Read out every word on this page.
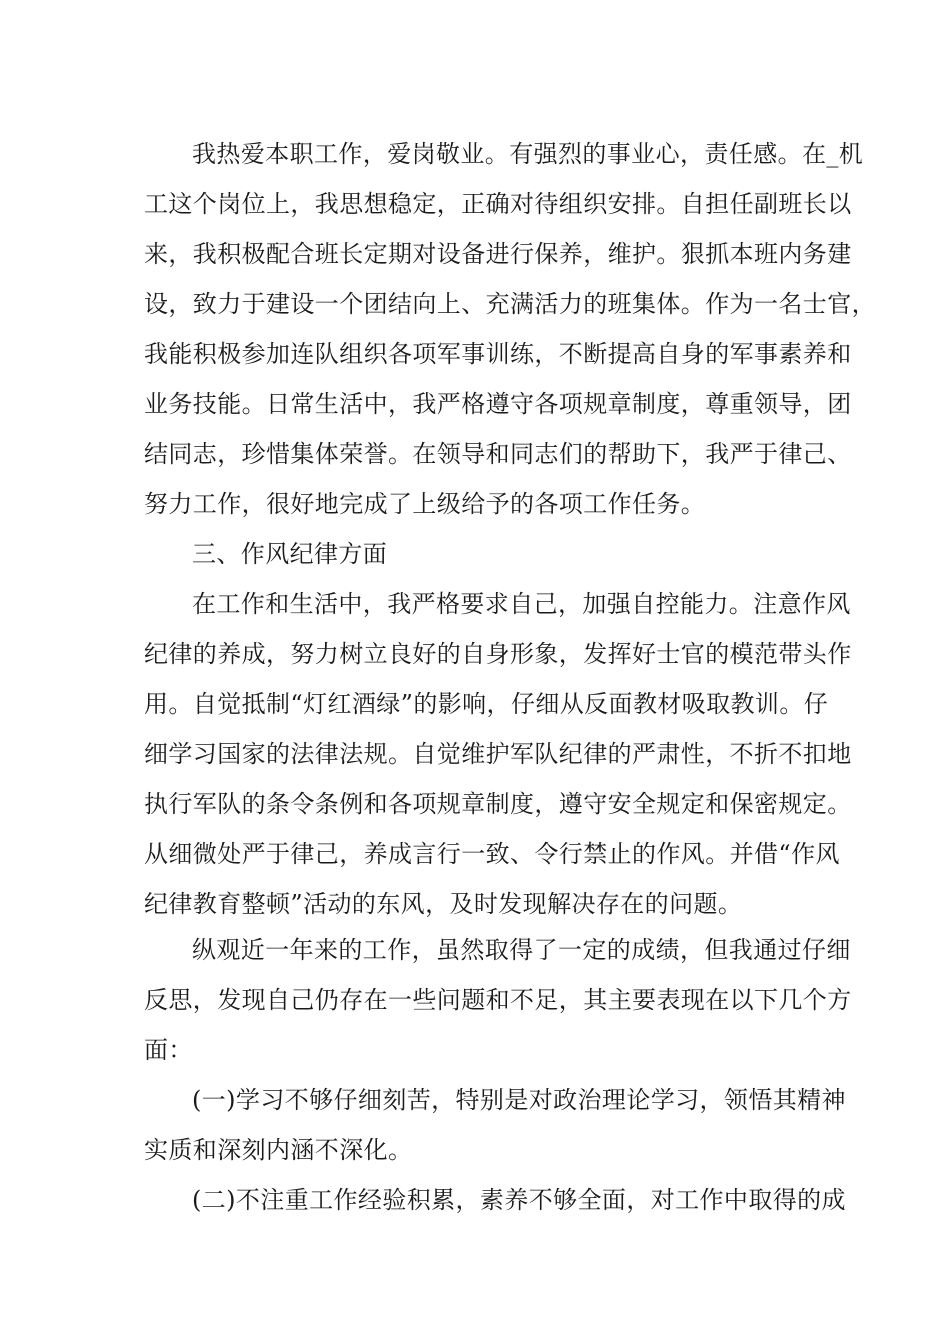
我热爱本职工作，爱岗敬业。有强烈的事业心，责任感。在_机
工这个岗位上，我思想稳定，正确对待组织安排。自担任副班长以
来，我积极配合班长定期对设备进行保养，维护。狠抓本班内务建
设，致力于建设一个团结向上、充满活力的班集体。作为一名士官，
我能积极参加连队组织各项军事训练，不断提高自身的军事素养和
业务技能。日常生活中，我严格遵守各项规章制度，尊重领导，团
结同志，珍惜集体荣誉。在领导和同志们的帮助下，我严于律己、
努力工作，很好地完成了上级给予的各项工作任务。
三、作风纪律方面
在工作和生活中，我严格要求自己，加强自控能力。注意作风
纪律的养成，努力树立良好的自身形象，发挥好士官的模范带头作
用。自觉抵制“灯红酒绿”的影响，仔细从反面教材吸取教训。仔
细学习国家的法律法规。自觉维护军队纪律的严肃性，不折不扣地
执行军队的条令条例和各项规章制度，遵守安全规定和保密规定。
从细微处严于律己，养成言行一致、令行禁止的作风。并借“作风
纪律教育整顿”活动的东风，及时发现解决存在的问题。
纵观近一年来的工作，虽然取得了一定的成绩，但我通过仔细
反思，发现自己仍存在一些问题和不足，其主要表现在以下几个方
面：
(一)学习不够仔细刻苦，特别是对政治理论学习，领悟其精神
实质和深刻内涵不深化。
(二)不注重工作经验积累，素养不够全面，对工作中取得的成
